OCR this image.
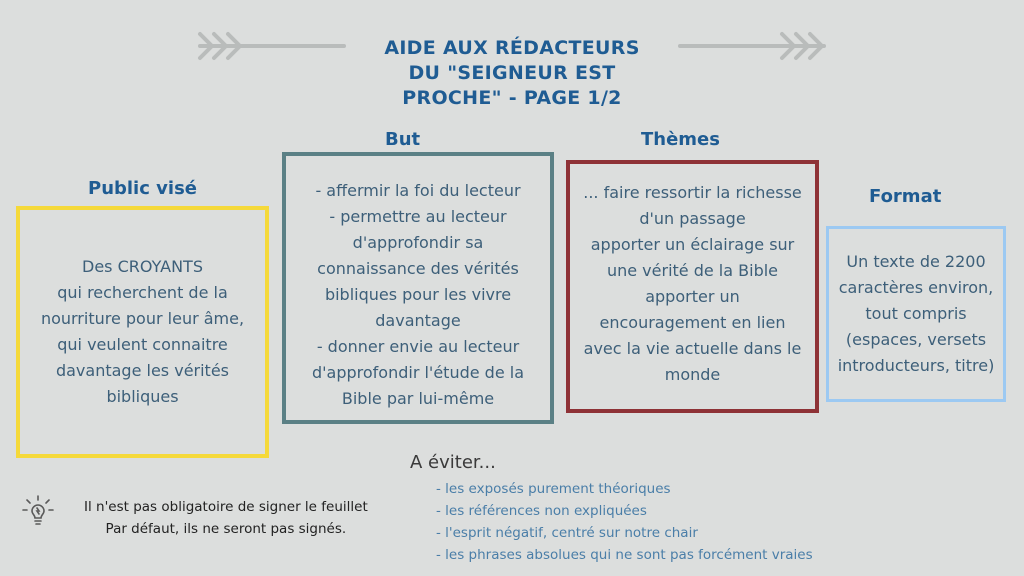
AIDE AUX RÉDACTEURS
DU "SEIGNEUR EST
PROCHE" - PAGE 1/2
Public visé
But	Thèmes
Format
Des CROYANTS
qui recherchent de la
nourriture pour leur âme,
qui veulent connaitre
davantage les vérités
bibliques
- affermir la foi du lecteur
- permettre au lecteur
d'approfondir sa
connaissance des vérités
bibliques pour les vivre
davantage
- donner envie au lecteur
d'approfondir l'étude de la
Bible par lui-même
... faire ressortir la richesse
d'un passage
apporter un éclairage sur
une vérité de la Bible
apporter un
encouragement en lien
avec la vie actuelle dans le
monde
Un texte de 2200
caractères environ,
tout compris
(espaces, versets
introducteurs, titre)
A éviter...
- les exposés purement théoriques
- les références non expliquées
- l'esprit négatif, centré sur notre chair
- les phrases absolues qui ne sont pas forcément vraies
Il n'est pas obligatoire de signer le feuillet
Par défaut, ils ne seront pas signés.
